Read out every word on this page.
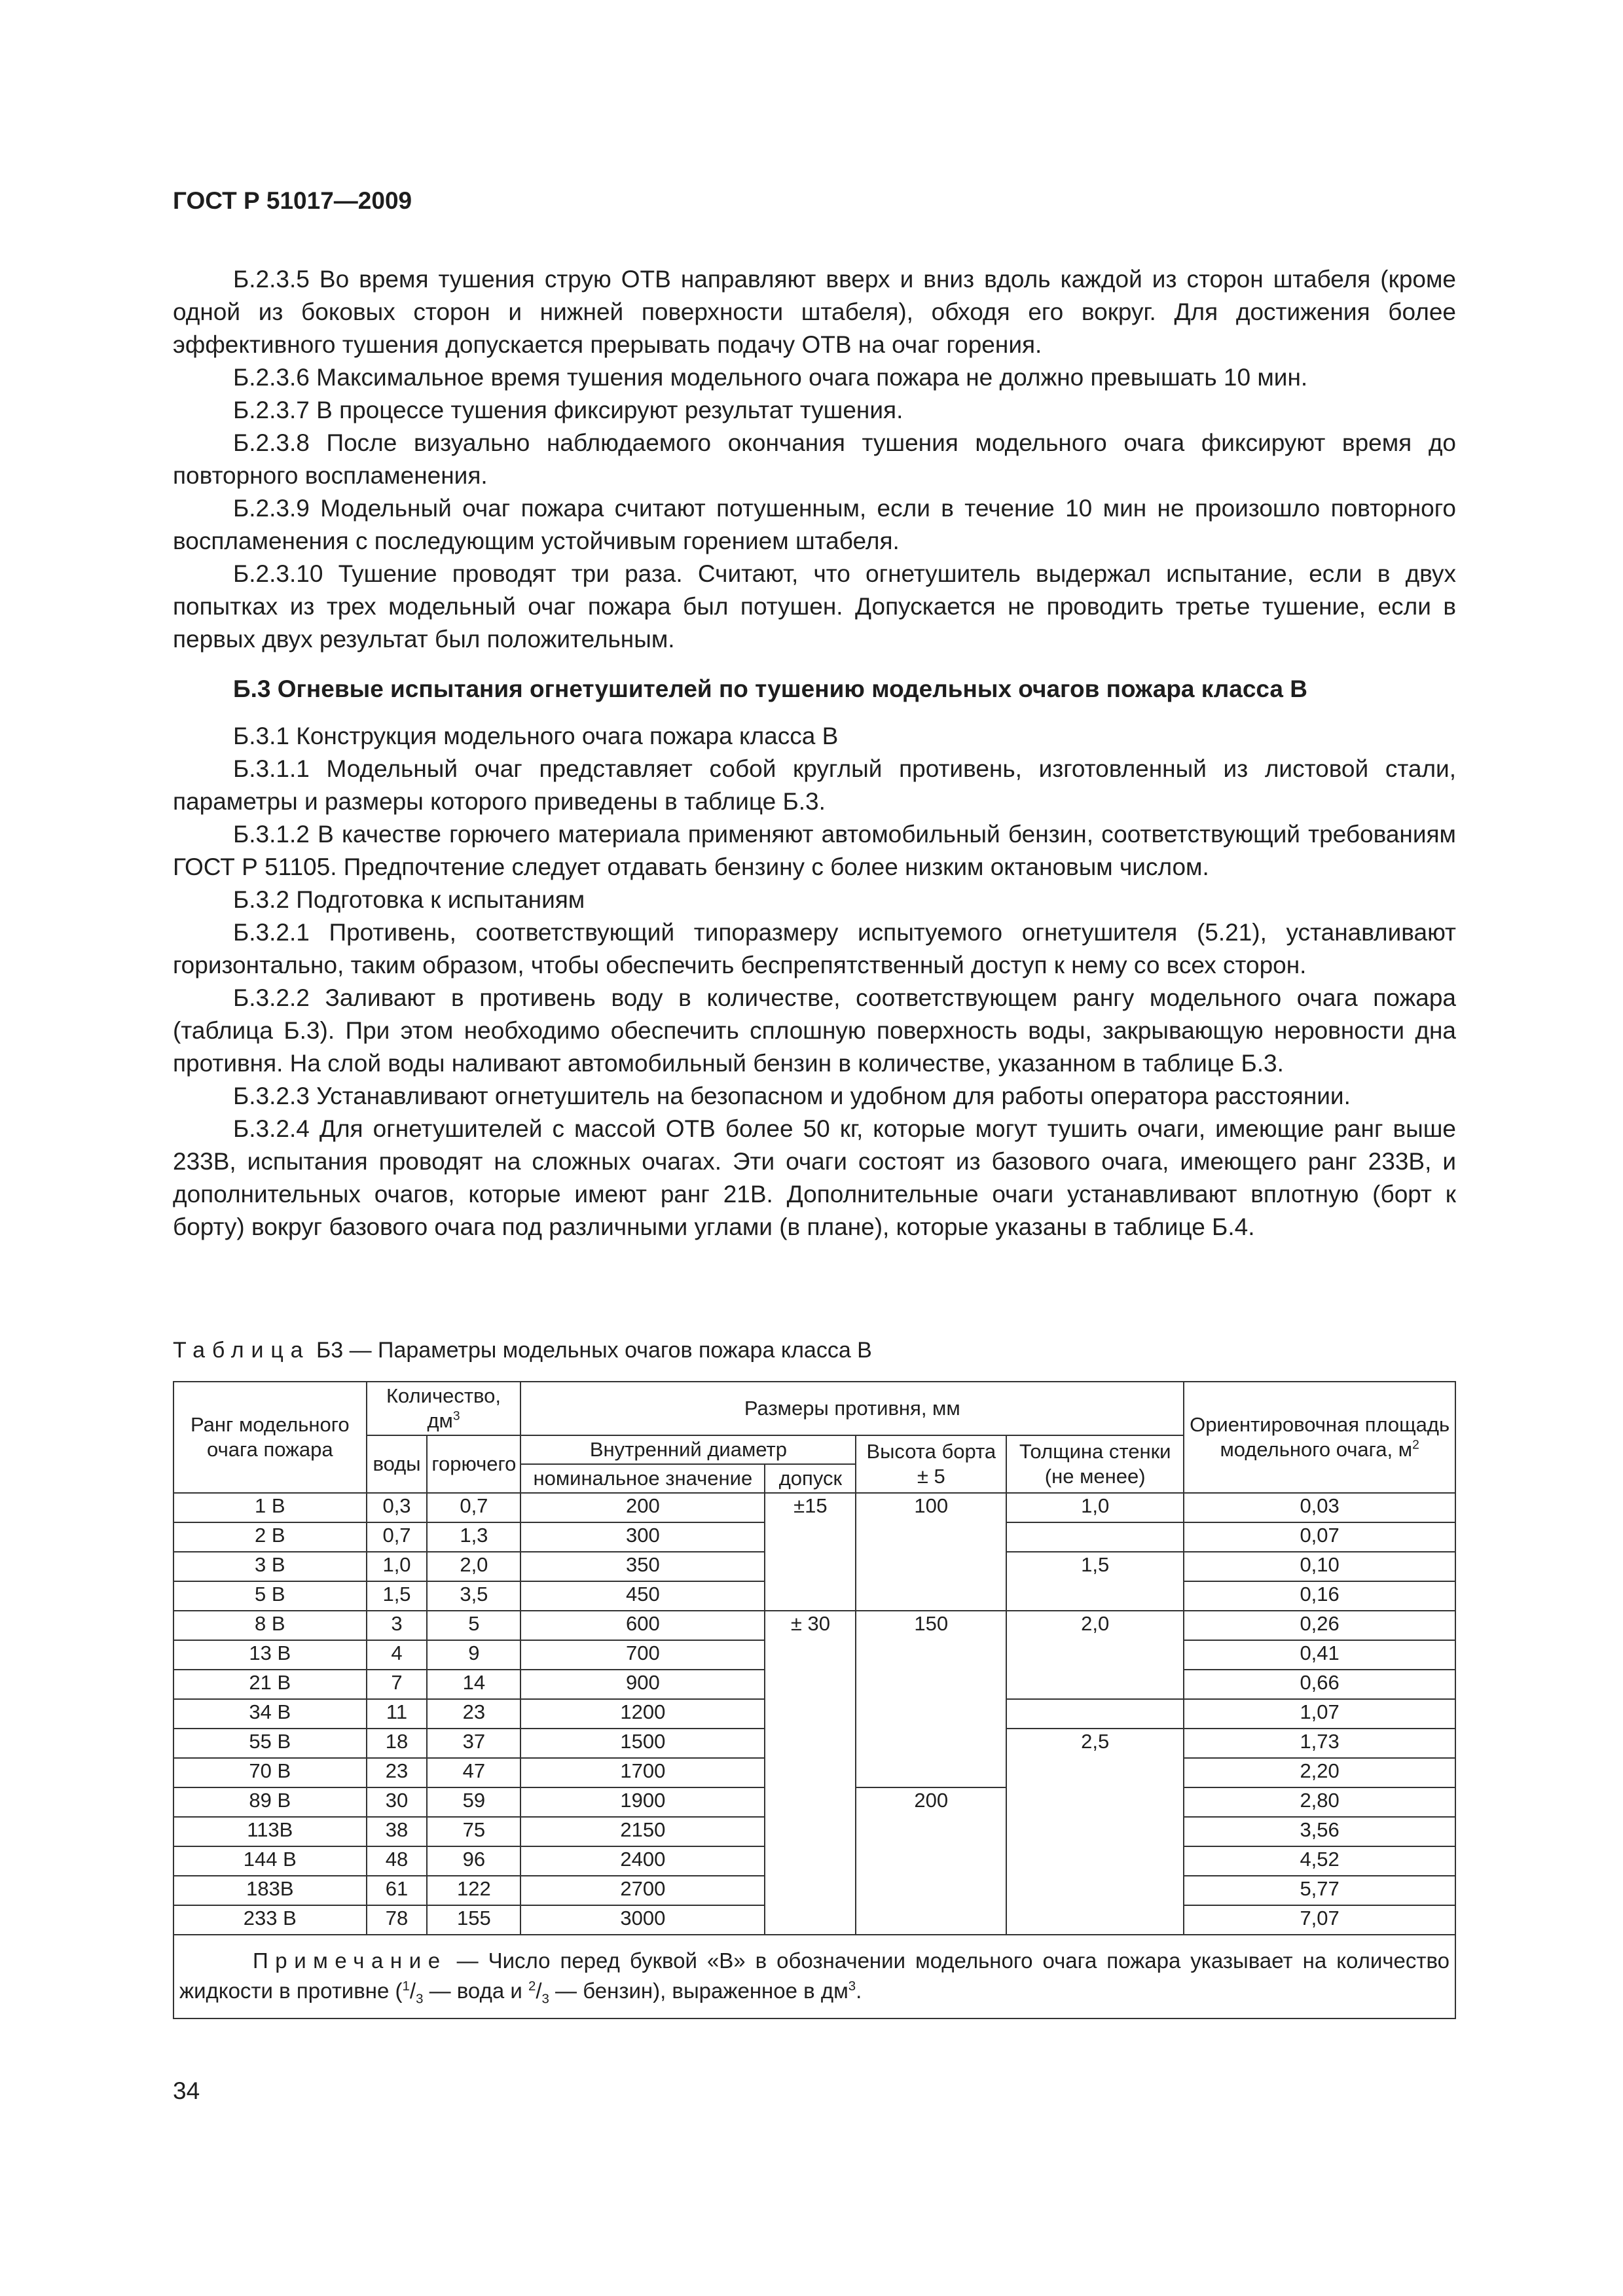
ГОСТ Р 51017—2009

Б.2.3.5 Во время тушения струю ОТВ направляют вверх и вниз вдоль каждой из сторон штабеля (кроме одной из боковых сторон и нижней поверхности штабеля), обходя его вокруг. Для достижения более эффективного тушения допускается прерывать подачу ОТВ на очаг горения.

Б.2.3.6 Максимальное время тушения модельного очага пожара не должно превышать 10 мин.

Б.2.3.7 В процессе тушения фиксируют результат тушения.

Б.2.3.8 После визуально наблюдаемого окончания тушения модельного очага фиксируют время до повторного воспламенения.

Б.2.3.9 Модельный очаг пожара считают потушенным, если в течение 10 мин не произошло повторного воспламенения с последующим устойчивым горением штабеля.

Б.2.3.10 Тушение проводят три раза. Считают, что огнетушитель выдержал испытание, если в двух попытках из трех модельный очаг пожара был потушен. Допускается не проводить третье тушение, если в первых двух результат был положительным.

Б.3 Огневые испытания огнетушителей по тушению модельных очагов пожара класса В

Б.3.1 Конструкция модельного очага пожара класса В

Б.3.1.1 Модельный очаг представляет собой круглый противень, изготовленный из листовой стали, параметры и размеры которого приведены в таблице Б.3.

Б.3.1.2 В качестве горючего материала применяют автомобильный бензин, соответствующий требованиям ГОСТ Р 51105. Предпочтение следует отдавать бензину с более низким октановым числом.

Б.3.2 Подготовка к испытаниям

Б.3.2.1 Противень, соответствующий типоразмеру испытуемого огнетушителя (5.21), устанавливают горизонтально, таким образом, чтобы обеспечить беспрепятственный доступ к нему со всех сторон.

Б.3.2.2 Заливают в противень воду в количестве, соответствующем рангу модельного очага пожара (таблица Б.3). При этом необходимо обеспечить сплошную поверхность воды, закрывающую неровности дна противня. На слой воды наливают автомобильный бензин в количестве, указанном в таблице Б.3.

Б.3.2.3 Устанавливают огнетушитель на безопасном и удобном для работы оператора расстоянии.

Б.3.2.4 Для огнетушителей с массой ОТВ более 50 кг, которые могут тушить очаги, имеющие ранг выше 233В, испытания проводят на сложных очагах. Эти очаги состоят из базового очага, имеющего ранг 233В, и дополнительных очагов, которые имеют ранг 21В. Дополнительные очаги устанавливают вплотную (борт к борту) вокруг базового очага под различными углами (в плане), которые указаны в таблице Б.4.

Таблица Б3 — Параметры модельных очагов пожара класса В
Ранг модельного очага пожара	Количество, $дм^3$		Размеры противня, мм				Ориентировочная площадь модельного очага, $м^2$
	воды	горючего	Внутренний диаметр		Высота борта ± 5	Толщина стенки (не менее)	
			номинальное значение	допуск			
1 В	0,3	0,7	200	±15	100	1,0	0,03
2 В	0,7	1,3	300				0,07
3 В	1,0	2,0	350			1,5	0,10
5 В	1,5	3,5	450				0,16
8 В	3	5	600	± 30	150	2,0	0,26
13 В	4	9	700				0,41
21 В	7	14	900				0,66
34 В	11	23	1200				1,07
55 В	18	37	1500			2,5	1,73
70 В	23	47	1700				2,20
89 В	30	59	1900		200		2,80
113В	38	75	2150				3,56
144 В	48	96	2400				4,52
183В	61	122	2700				5,77
233 В	78	155	3000				7,07

Примечание — Число перед буквой «В» в обозначении модельного очага пожара указывает на количество жидкости в противне ($^1/_3$ — вода и $^2/_3$ — бензин), выраженное в $дм^3$.							
34
